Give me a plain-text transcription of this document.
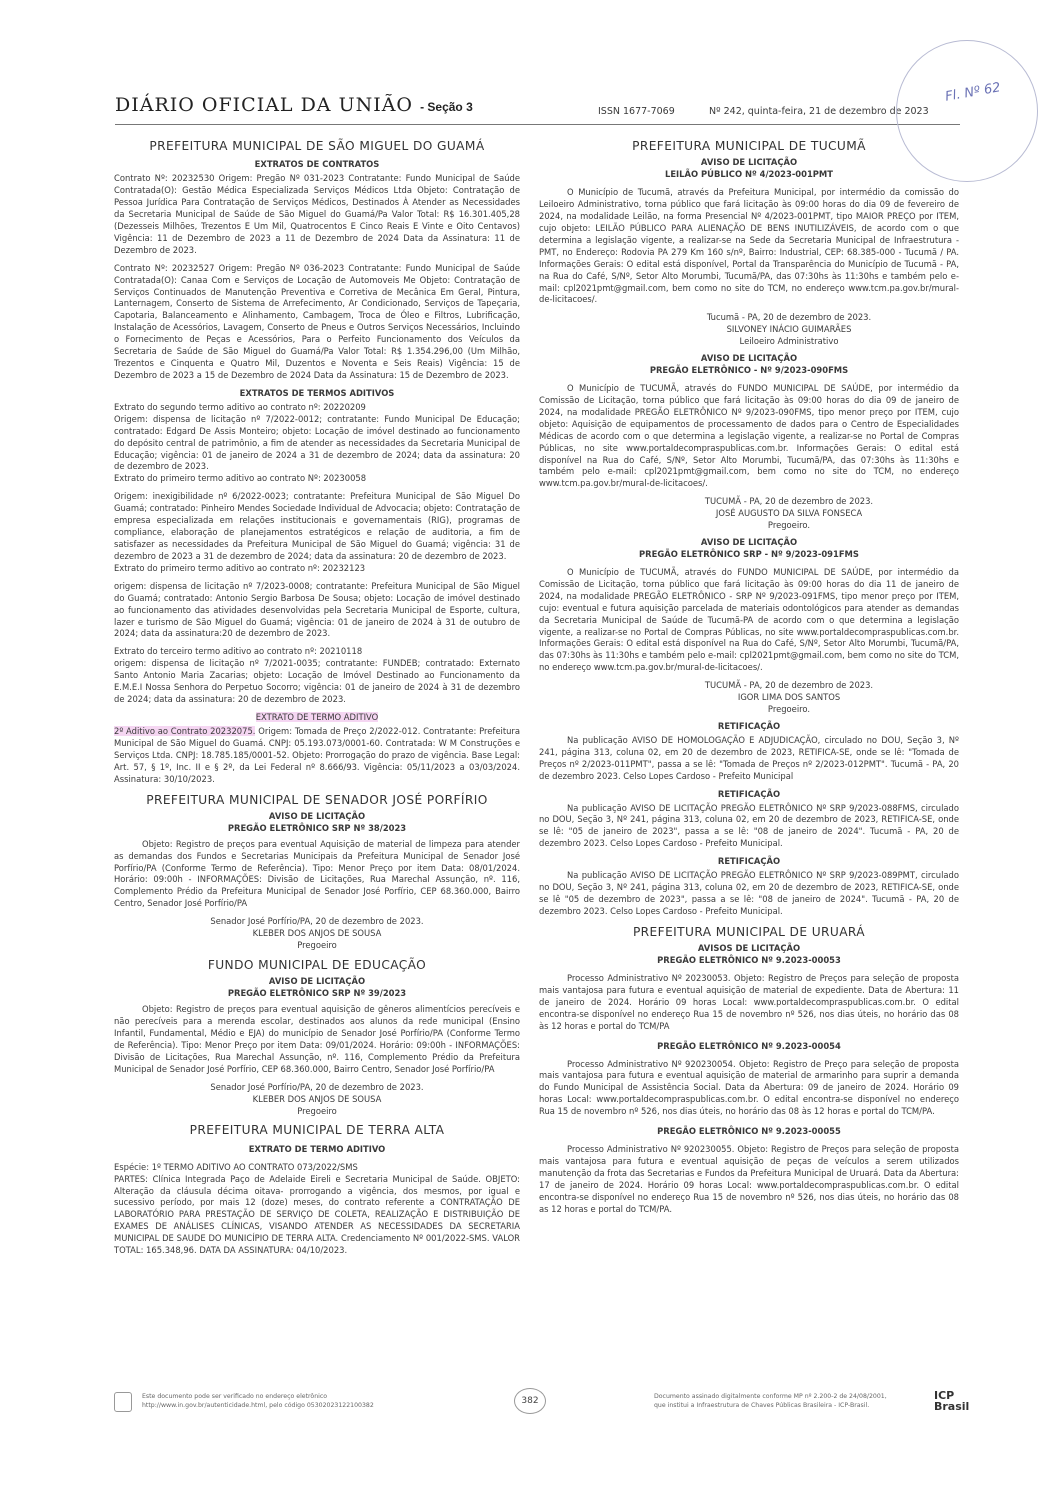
DIÁRIO OFICIAL DA UNIÃO - Seção 3	ISSN 1677-7069	Nº 242, quinta-feira, 21 de dezembro de 2023
Fl. Nº 62
PREFEITURA MUNICIPAL DE SÃO MIGUEL DO GUAMÁ
EXTRATOS DE CONTRATOS

Contrato Nº: 20232530 Origem: Pregão Nº 031-2023 Contratante: Fundo Municipal de Saúde Contratada(O): Gestão Médica Especializada Serviços Médicos Ltda Objeto: Contratação de Pessoa Jurídica Para Contratação de Serviços Médicos, Destinados À Atender as Necessidades da Secretaria Municipal de Saúde de São Miguel do Guamá/Pa Valor Total: R$ 16.301.405,28 (Dezesseis Milhões, Trezentos E Um Mil, Quatrocentos E Cinco Reais E Vinte e Oito Centavos) Vigência: 11 de Dezembro de 2023 a 11 de Dezembro de 2024 Data da Assinatura: 11 de Dezembro de 2023.

Contrato Nº: 20232527 Origem: Pregão Nº 036-2023 Contratante: Fundo Municipal de Saúde Contratada(O): Canaa Com e Serviços de Locação de Automoveis Me Objeto: Contratação de Serviços Continuados de Manutenção Preventiva e Corretiva de Mecânica Em Geral, Pintura, Lanternagem, Conserto de Sistema de Arrefecimento, Ar Condicionado, Serviços de Tapeçaria, Capotaria, Balanceamento e Alinhamento, Cambagem, Troca de Óleo e Filtros, Lubrificação, Instalação de Acessórios, Lavagem, Conserto de Pneus e Outros Serviços Necessários, Incluindo o Fornecimento de Peças e Acessórios, Para o Perfeito Funcionamento dos Veículos da Secretaria de Saúde de São Miguel do Guamá/Pa Valor Total: R$ 1.354.296,00 (Um Milhão, Trezentos e Cinquenta e Quatro Mil, Duzentos e Noventa e Seis Reais) Vigência: 15 de Dezembro de 2023 a 15 de Dezembro de 2024 Data da Assinatura: 15 de Dezembro de 2023.

EXTRATOS DE TERMOS ADITIVOS

Extrato do segundo termo aditivo ao contrato nº: 20220209

Origem: dispensa de licitação nº 7/2022-0012; contratante: Fundo Municipal De Educação; contratado: Edgard De Assis Monteiro; objeto: Locação de imóvel destinado ao funcionamento do depósito central de patrimônio, a fim de atender as necessidades da Secretaria Municipal de Educação; vigência: 01 de janeiro de 2024 a 31 de dezembro de 2024; data da assinatura: 20 de dezembro de 2023.

Extrato do primeiro termo aditivo ao contrato Nº: 20230058

Origem: inexigibilidade nº 6/2022-0023; contratante: Prefeitura Municipal de São Miguel Do Guamá; contratado: Pinheiro Mendes Sociedade Individual de Advocacia; objeto: Contratação de empresa especializada em relações institucionais e governamentais (RIG), programas de compliance, elaboração de planejamentos estratégicos e relação de auditoria, a fim de satisfazer as necessidades da Prefeitura Municipal de São Miguel do Guamá; vigência: 31 de dezembro de 2023 a 31 de dezembro de 2024; data da assinatura: 20 de dezembro de 2023.

Extrato do primeiro termo aditivo ao contrato nº: 20232123

origem: dispensa de licitação nº 7/2023-0008; contratante: Prefeitura Municipal de São Miguel do Guamá; contratado: Antonio Sergio Barbosa De Sousa; objeto: Locação de imóvel destinado ao funcionamento das atividades desenvolvidas pela Secretaria Municipal de Esporte, cultura, lazer e turismo de São Miguel do Guamá; vigência: 01 de janeiro de 2024 à 31 de outubro de 2024; data da assinatura:20 de dezembro de 2023.

Extrato do terceiro termo aditivo ao contrato nº: 20210118

origem: dispensa de licitação nº 7/2021-0035; contratante: FUNDEB; contratado: Externato Santo Antonio Maria Zacarias; objeto: Locação de Imóvel Destinado ao Funcionamento da E.M.E.I Nossa Senhora do Perpetuo Socorro; vigência: 01 de janeiro de 2024 à 31 de dezembro de 2024; data da assinatura: 20 de dezembro de 2023.

EXTRATO DE TERMO ADITIVO

2º Aditivo ao Contrato 20232075. Origem: Tomada de Preço 2/2022-012. Contratante: Prefeitura Municipal de São Miguel do Guamá. CNPJ: 05.193.073/0001-60. Contratada: W M Construções e Serviços Ltda. CNPJ: 18.785.185/0001-52. Objeto: Prorrogação do prazo de vigência. Base Legal: Art. 57, § 1º, Inc. II e § 2º, da Lei Federal nº 8.666/93. Vigência: 05/11/2023 a 03/03/2024. Assinatura: 30/10/2023.

PREFEITURA MUNICIPAL DE SENADOR JOSÉ PORFÍRIO
AVISO DE LICITAÇÃO
PREGÃO ELETRÔNICO SRP Nº 38/2023

Objeto: Registro de preços para eventual Aquisição de material de limpeza para atender as demandas dos Fundos e Secretarias Municipais da Prefeitura Municipal de Senador José Porfírio/PA (Conforme Termo de Referência). Tipo: Menor Preço por item Data: 08/01/2024. Horário: 09:00h - INFORMAÇÕES: Divisão de Licitações, Rua Marechal Assunção, nº. 116, Complemento Prédio da Prefeitura Municipal de Senador José Porfírio, CEP 68.360.000, Bairro Centro, Senador José Porfírio/PA

Senador José Porfírio/PA, 20 de dezembro de 2023.
KLEBER DOS ANJOS DE SOUSA
Pregoeiro
FUNDO MUNICIPAL DE EDUCAÇÃO
AVISO DE LICITAÇÃO
PREGÃO ELETRÔNICO SRP Nº 39/2023

Objeto: Registro de preços para eventual aquisição de gêneros alimentícios perecíveis e não perecíveis para a merenda escolar, destinados aos alunos da rede municipal (Ensino Infantil, Fundamental, Médio e EJA) do município de Senador José Porfírio/PA (Conforme Termo de Referência). Tipo: Menor Preço por item Data: 09/01/2024. Horário: 09:00h - INFORMAÇÕES: Divisão de Licitações, Rua Marechal Assunção, nº. 116, Complemento Prédio da Prefeitura Municipal de Senador José Porfírio, CEP 68.360.000, Bairro Centro, Senador José Porfírio/PA

Senador José Porfírio/PA, 20 de dezembro de 2023.
KLEBER DOS ANJOS DE SOUSA
Pregoeiro
PREFEITURA MUNICIPAL DE TERRA ALTA
EXTRATO DE TERMO ADITIVO

Espécie: 1º TERMO ADITIVO AO CONTRATO 073/2022/SMS

PARTES: Clínica Integrada Paço de Adelaide Eireli e Secretaria Municipal de Saúde. OBJETO: Alteração da cláusula décima oitava- prorrogando a vigência, dos mesmos, por igual e sucessivo período, por mais 12 (doze) meses, do contrato referente a CONTRATAÇÃO DE LABORATÓRIO PARA PRESTAÇÃO DE SERVIÇO DE COLETA, REALIZAÇÃO E DISTRIBUIÇÃO DE EXAMES DE ANÁLISES CLÍNICAS, VISANDO ATENDER AS NECESSIDADES DA SECRETARIA MUNICIPAL DE SAUDE DO MUNICÍPIO DE TERRA ALTA. Credenciamento Nº 001/2022-SMS. VALOR TOTAL: 165.348,96. DATA DA ASSINATURA: 04/10/2023.

PREFEITURA MUNICIPAL DE TUCUMÃ
AVISO DE LICITAÇÃO
LEILÃO PÚBLICO Nº 4/2023-001PMT

O Município de Tucumã, através da Prefeitura Municipal, por intermédio da comissão do Leiloeiro Administrativo, torna público que fará licitação às 09:00 horas do dia 09 de fevereiro de 2024, na modalidade Leilão, na forma Presencial Nº 4/2023-001PMT, tipo MAIOR PREÇO por ITEM, cujo objeto: LEILÃO PÚBLICO PARA ALIENAÇÃO DE BENS INUTILIZÁVEIS, de acordo com o que determina a legislação vigente, a realizar-se na Sede da Secretaria Municipal de Infraestrutura - PMT, no Endereço: Rodovia PA 279 Km 160 s/nº, Bairro: Industrial, CEP: 68.385-000 - Tucumã / PA. Informações Gerais: O edital está disponível, Portal da Transparência do Município de Tucumã - PA, na Rua do Café, S/Nº, Setor Alto Morumbi, Tucumã/PA, das 07:30hs às 11:30hs e também pelo e-mail: cpl2021pmt@gmail.com, bem como no site do TCM, no endereço www.tcm.pa.gov.br/mural-de-licitacoes/.

Tucumã - PA, 20 de dezembro de 2023.
SILVONEY INÁCIO GUIMARÃES
Leiloeiro Administrativo
AVISO DE LICITAÇÃO
PREGÃO ELETRÔNICO - Nº 9/2023-090FMS

O Município de TUCUMÃ, através do FUNDO MUNICIPAL DE SAÚDE, por intermédio da Comissão de Licitação, torna público que fará licitação às 09:00 horas do dia 09 de janeiro de 2024, na modalidade PREGÃO ELETRÔNICO Nº 9/2023-090FMS, tipo menor preço por ITEM, cujo objeto: Aquisição de equipamentos de processamento de dados para o Centro de Especialidades Médicas de acordo com o que determina a legislação vigente, a realizar-se no Portal de Compras Públicas, no site www.portaldecompraspublicas.com.br. Informações Gerais: O edital está disponível na Rua do Café, S/Nº, Setor Alto Morumbi, Tucumã/PA, das 07:30hs às 11:30hs e também pelo e-mail: cpl2021pmt@gmail.com, bem como no site do TCM, no endereço www.tcm.pa.gov.br/mural-de-licitacoes/.

TUCUMÃ - PA, 20 de dezembro de 2023.
JOSÉ AUGUSTO DA SILVA FONSECA
Pregoeiro.
AVISO DE LICITAÇÃO
PREGÃO ELETRÔNICO SRP - Nº 9/2023-091FMS

O Município de TUCUMÃ, através do FUNDO MUNICIPAL DE SAÚDE, por intermédio da Comissão de Licitação, torna público que fará licitação às 09:00 horas do dia 11 de janeiro de 2024, na modalidade PREGÃO ELETRÔNICO - SRP Nº 9/2023-091FMS, tipo menor preço por ITEM, cujo: eventual e futura aquisição parcelada de materiais odontológicos para atender as demandas da Secretaria Municipal de Saúde de Tucumã-PA de acordo com o que determina a legislação vigente, a realizar-se no Portal de Compras Públicas, no site www.portaldecompraspublicas.com.br. Informações Gerais: O edital está disponível na Rua do Café, S/Nº, Setor Alto Morumbi, Tucumã/PA, das 07:30hs às 11:30hs e também pelo e-mail: cpl2021pmt@gmail.com, bem como no site do TCM, no endereço www.tcm.pa.gov.br/mural-de-licitacoes/.

TUCUMÃ - PA, 20 de dezembro de 2023.
IGOR LIMA DOS SANTOS
Pregoeiro.
RETIFICAÇÃO

Na publicação AVISO DE HOMOLOGAÇÃO E ADJUDICAÇÃO, circulado no DOU, Seção 3, Nº 241, página 313, coluna 02, em 20 de dezembro de 2023, RETIFICA-SE, onde se lê: "Tomada de Preços nº 2/2023-011PMT", passa a se lê: "Tomada de Preços nº 2/2023-012PMT". Tucumã - PA, 20 de dezembro 2023. Celso Lopes Cardoso - Prefeito Municipal

RETIFICAÇÃO

Na publicação AVISO DE LICITAÇÃO PREGÃO ELETRÔNICO Nº SRP 9/2023-088FMS, circulado no DOU, Seção 3, Nº 241, página 313, coluna 02, em 20 de dezembro de 2023, RETIFICA-SE, onde se lê: "05 de janeiro de 2023", passa a se lê: "08 de janeiro de 2024". Tucumã - PA, 20 de dezembro 2023. Celso Lopes Cardoso - Prefeito Municipal.

RETIFICAÇÃO

Na publicação AVISO DE LICITAÇÃO PREGÃO ELETRÔNICO Nº SRP 9/2023-089PMT, circulado no DOU, Seção 3, Nº 241, página 313, coluna 02, em 20 de dezembro de 2023, RETIFICA-SE, onde se lê "05 de dezembro de 2023", passa a se lê: "08 de janeiro de 2024". Tucumã - PA, 20 de dezembro 2023. Celso Lopes Cardoso - Prefeito Municipal.

PREFEITURA MUNICIPAL DE URUARÁ
AVISOS DE LICITAÇÃO
PREGÃO ELETRÔNICO Nº 9.2023-00053

Processo Administrativo Nº 20230053. Objeto: Registro de Preços para seleção de proposta mais vantajosa para futura e eventual aquisição de material de expediente. Data de Abertura: 11 de janeiro de 2024. Horário 09 horas Local: www.portaldecompraspublicas.com.br. O edital encontra-se disponível no endereço Rua 15 de novembro nº 526, nos dias úteis, no horário das 08 às 12 horas e portal do TCM/PA

PREGÃO ELETRÔNICO Nº 9.2023-00054

Processo Administrativo Nº 920230054. Objeto: Registro de Preço para seleção de proposta mais vantajosa para futura e eventual aquisição de material de armarinho para suprir a demanda do Fundo Municipal de Assistência Social. Data da Abertura: 09 de janeiro de 2024. Horário 09 horas Local: www.portaldecompraspublicas.com.br. O edital encontra-se disponível no endereço Rua 15 de novembro nº 526, nos dias úteis, no horário das 08 às 12 horas e portal do TCM/PA.

PREGÃO ELETRÔNICO Nº 9.2023-00055

Processo Administrativo Nº 920230055. Objeto: Registro de Preços para seleção de proposta mais vantajosa para futura e eventual aquisição de peças de veículos a serem utilizados manutenção da frota das Secretarias e Fundos da Prefeitura Municipal de Uruará. Data da Abertura: 17 de janeiro de 2024. Horário 09 horas Local: www.portaldecompraspublicas.com.br. O edital encontra-se disponível no endereço Rua 15 de novembro nº 526, nos dias úteis, no horário das 08 as 12 horas e portal do TCM/PA.

Este documento pode ser verificado no endereço eletrônico
http://www.in.gov.br/autenticidade.html, pelo código 05302023122100382	382	Documento assinado digitalmente conforme MP nº 2.200-2 de 24/08/2001,
que institui a Infraestrutura de Chaves Públicas Brasileira - ICP-Brasil.
ICP Brasil
